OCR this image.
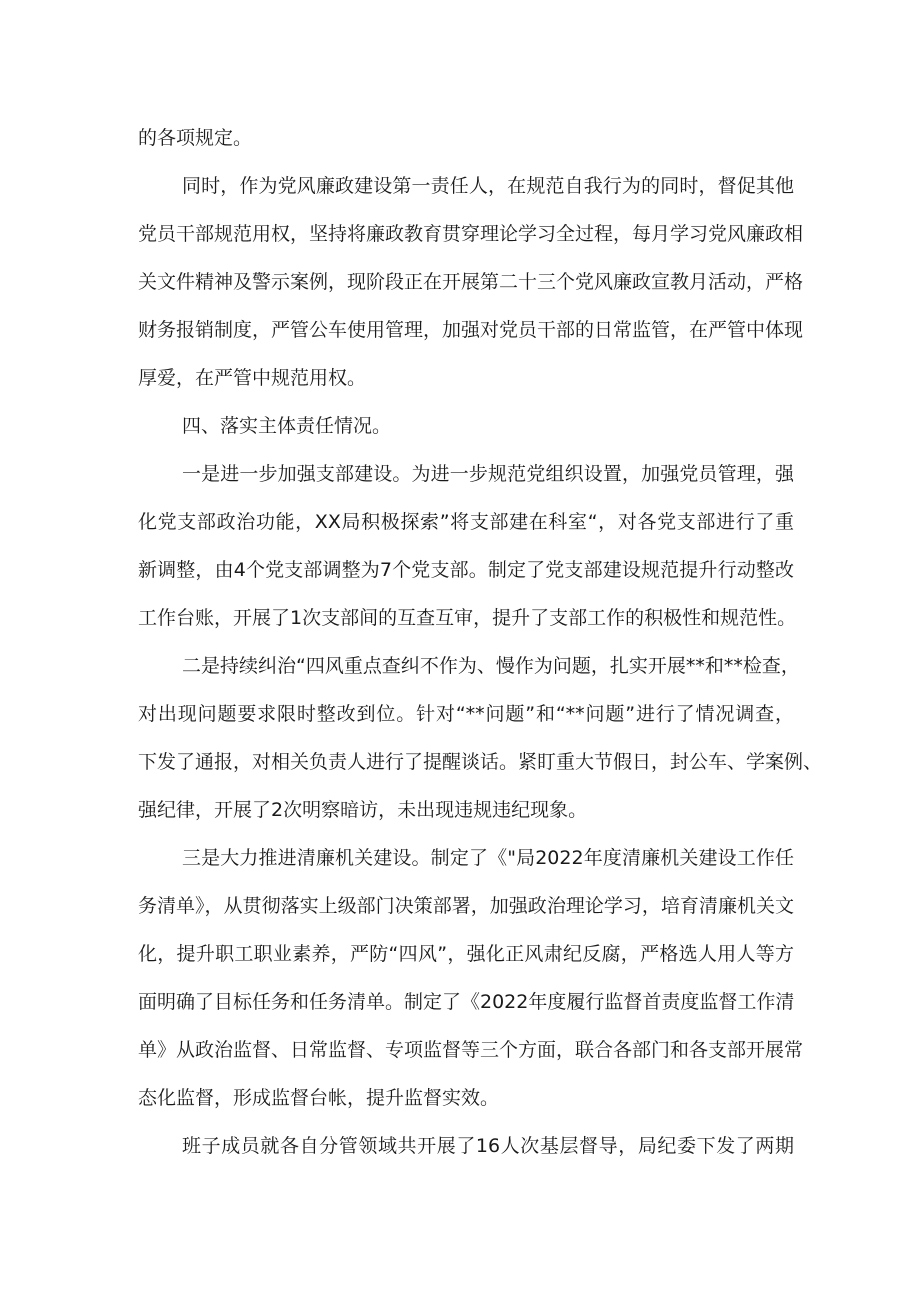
的各项规定。
同时，作为党风廉政建设第一责任人，在规范自我行为的同时，督促其他
党员干部规范用权，坚持将廉政教育贯穿理论学习全过程，每月学习党风廉政相
关文件精神及警示案例，现阶段正在开展第二十三个党风廉政宣教月活动，严格
财务报销制度，严管公车使用管理，加强对党员干部的日常监管，在严管中体现
厚爱，在严管中规范用权。
四、落实主体责任情况。
一是进一步加强支部建设。为进一步规范党组织设置，加强党员管理，强
化党支部政治功能，XX局积极探索”将支部建在科室“，对各党支部进行了重
新调整，由4个党支部调整为7个党支部。制定了党支部建设规范提升行动整改
工作台账，开展了1次支部间的互查互审，提升了支部工作的积极性和规范性。
二是持续纠治“四风重点查纠不作为、慢作为问题，扎实开展**和**检查，
对出现问题要求限时整改到位。针对“**问题”和“**问题”进行了情况调查，
下发了通报，对相关负责人进行了提醒谈话。紧盯重大节假日，封公车、学案例、
强纪律，开展了2次明察暗访，未出现违规违纪现象。
三是大力推进清廉机关建设。制定了《"局2022年度清廉机关建设工作任
务清单》，从贯彻落实上级部门决策部署，加强政治理论学习，培育清廉机关文
化，提升职工职业素养，严防“四风”，强化正风肃纪反腐，严格选人用人等方
面明确了目标任务和任务清单。制定了《2022年度履行监督首责度监督工作清
单》从政治监督、日常监督、专项监督等三个方面，联合各部门和各支部开展常
态化监督，形成监督台帐，提升监督实效。
班子成员就各自分管领域共开展了16人次基层督导，局纪委下发了两期
